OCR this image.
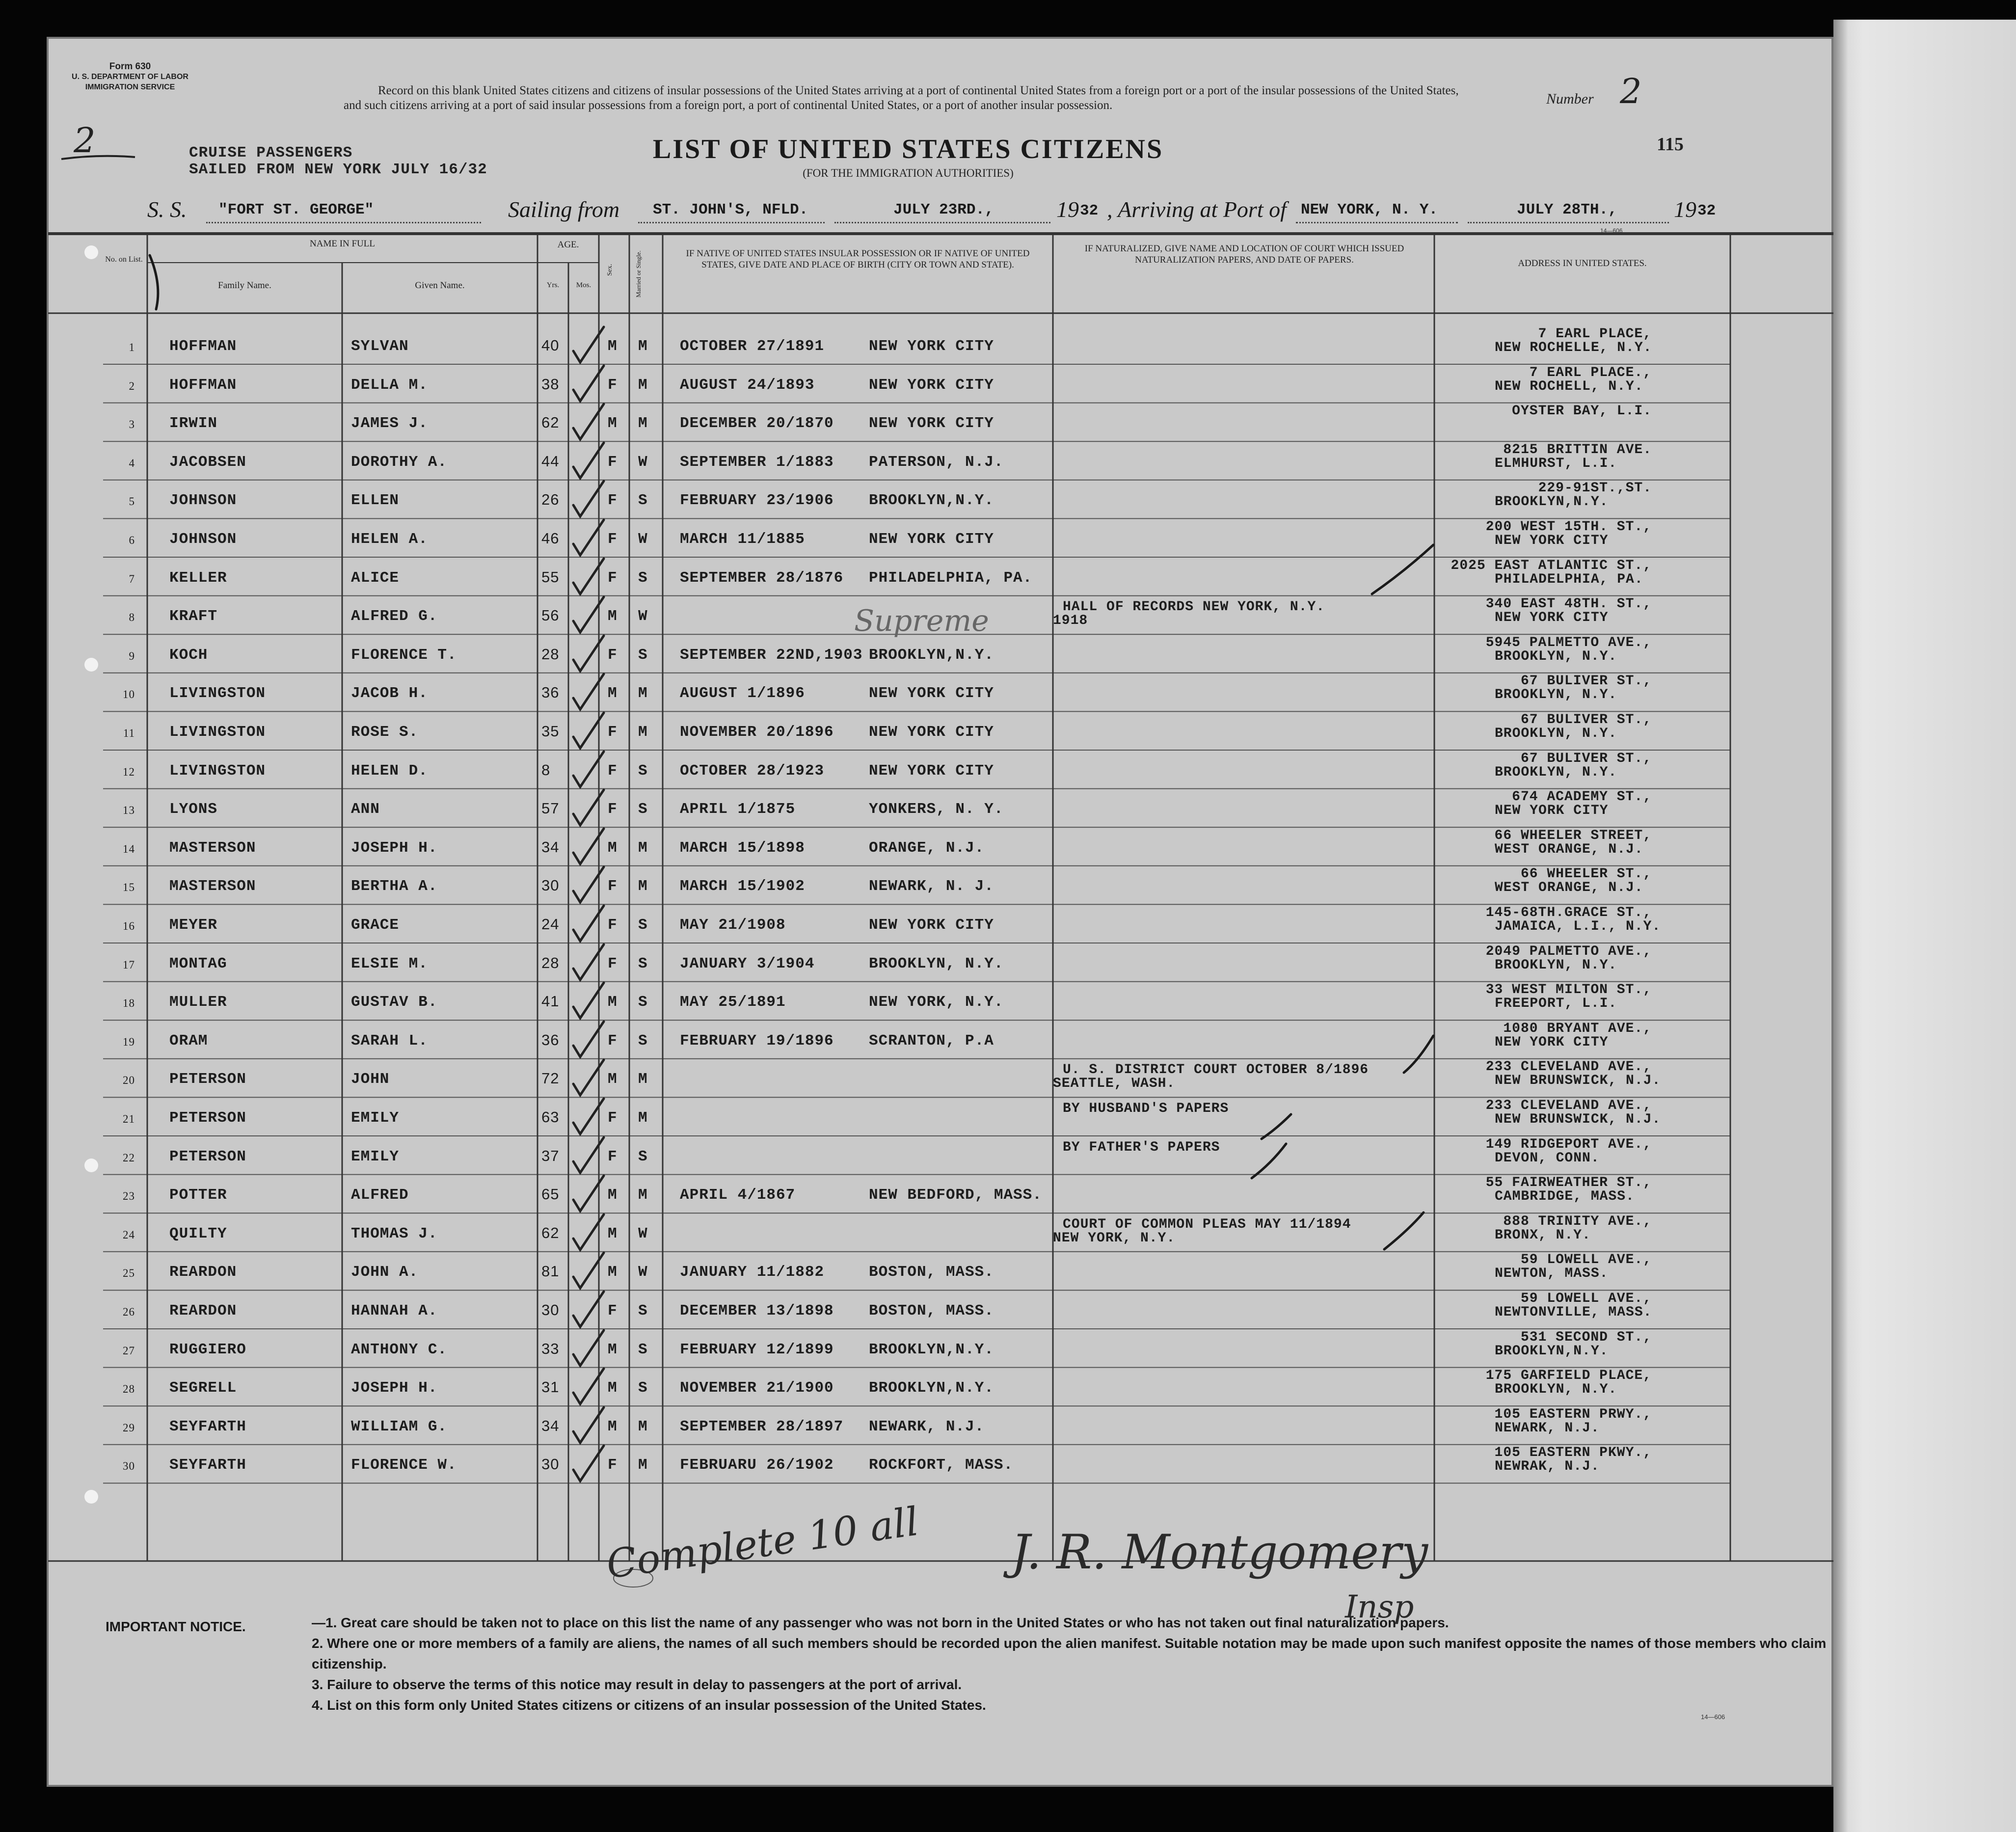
Form 630
U. S. DEPARTMENT OF LABOR
IMMIGRATION SERVICE	Record on this blank United States citizens and citizens of insular possessions of the United States arriving at a port of continental United States from a foreign port or a port of the insular possessions of the United States, and such citizens arriving at a port of said insular possessions from a foreign port, a port of continental United States, or a port of another insular possession.	Number 2
115
2	CRUISE PASSENGERS
SAILED FROM NEW YORK JULY 16/32
LIST OF UNITED STATES CITIZENS
(FOR THE IMMIGRATION AUTHORITIES)
S. S. "FORT ST. GEORGE"	Sailing from ST. JOHN'S, NFLD.	JULY 23RD.,	19 32 , Arriving at Port of NEW YORK, N. Y.	JULY 28TH.,	19 32
14—606
Supreme
Complete 10 all J. R. Montgomery
Insp
No. on List.
NAME IN FULL
Family Name.	Given Name.
AGE.
Yrs.	Mos.
Sex.	Married or Single.	IF NATIVE OF UNITED STATES INSULAR POSSESSION OR IF NATIVE OF UNITED STATES, GIVE DATE AND PLACE OF BIRTH (CITY OR TOWN AND STATE).
IF NATURALIZED, GIVE NAME AND LOCATION OF COURT WHICH ISSUED NATURALIZATION PAPERS, AND DATE OF PAPERS.	ADDRESS IN UNITED STATES.
1 HOFFMAN	SYLVAN	40	M M OCTOBER 27/1891	NEW YORK CITY
7 EARL PLACE,
NEW ROCHELLE, N.Y.
2 HOFFMAN	DELLA M.	38	F M AUGUST 24/1893	NEW YORK CITY
7 EARL PLACE.,
NEW ROCHELL, N.Y.
3 IRWIN	JAMES J.	62	M M DECEMBER 20/1870 NEW YORK CITY
OYSTER BAY, L.I.
4 JACOBSEN	DOROTHY A.	44	F W SEPTEMBER 1/1883 PATERSON, N.J.
8215 BRITTIN AVE.
ELMHURST, L.I.
5 JOHNSON	ELLEN	26	F S FEBRUARY 23/1906 BROOKLYN,N.Y.
229-91ST.,ST.
BROOKLYN,N.Y.
6 JOHNSON	HELEN A.	46	F W MARCH 11/1885	NEW YORK CITY
200 WEST 15TH. ST.,
NEW YORK CITY
7 KELLER	ALICE	55	F S SEPTEMBER 28/1876 PHILADELPHIA, PA.
2025 EAST ATLANTIC ST.,
PHILADELPHIA, PA.
8 KRAFT	ALFRED G.	56	M W
HALL OF RECORDS NEW YORK, N.Y.
1918
340 EAST 48TH. ST.,
NEW YORK CITY
9 KOCH	FLORENCE T.	28	F S SEPTEMBER 22ND,1903 BROOKLYN,N.Y.
5945 PALMETTO AVE.,
BROOKLYN, N.Y.
10 LIVINGSTON	JACOB H.	36	M M AUGUST 1/1896	NEW YORK CITY
67 BULIVER ST.,
BROOKLYN, N.Y.
11 LIVINGSTON	ROSE S.	35	F M NOVEMBER 20/1896 NEW YORK CITY
67 BULIVER ST.,
BROOKLYN, N.Y.
12 LIVINGSTON	HELEN D.	8	F S OCTOBER 28/1923	NEW YORK CITY
67 BULIVER ST.,
BROOKLYN, N.Y.
13 LYONS	ANN	57	F S APRIL 1/1875	YONKERS, N. Y.
674 ACADEMY ST.,
NEW YORK CITY
14 MASTERSON	JOSEPH H.	34	M M MARCH 15/1898	ORANGE, N.J.
66 WHEELER STREET,
WEST ORANGE, N.J.
15 MASTERSON	BERTHA A.	30	F M MARCH 15/1902	NEWARK, N. J.
66 WHEELER ST.,
WEST ORANGE, N.J.
16 MEYER	GRACE	24	F S MAY 21/1908	NEW YORK CITY
145-68TH.GRACE ST.,
JAMAICA, L.I., N.Y.
17 MONTAG	ELSIE M.	28	F S JANUARY 3/1904	BROOKLYN, N.Y.
2049 PALMETTO AVE.,
BROOKLYN, N.Y.
18 MULLER	GUSTAV B.	41	M S MAY 25/1891	NEW YORK, N.Y.
33 WEST MILTON ST.,
FREEPORT, L.I.
19 ORAM	SARAH L.	36	F S FEBRUARY 19/1896 SCRANTON, P.A
1080 BRYANT AVE.,
NEW YORK CITY
20 PETERSON	JOHN	72	M M
U. S. DISTRICT COURT OCTOBER 8/1896
SEATTLE, WASH.
233 CLEVELAND AVE.,
NEW BRUNSWICK, N.J.
21 PETERSON	EMILY	63	F M
BY HUSBAND'S PAPERS	233 CLEVELAND AVE.,
NEW BRUNSWICK, N.J.
22 PETERSON	EMILY	37	F S
BY FATHER'S PAPERS	149 RIDGEPORT AVE.,
DEVON, CONN.
23 POTTER	ALFRED	65	M M APRIL 4/1867	NEW BEDFORD, MASS.
55 FAIRWEATHER ST.,
CAMBRIDGE, MASS.
24 QUILTY	THOMAS J.	62	M W
COURT OF COMMON PLEAS MAY 11/1894
NEW YORK, N.Y.
888 TRINITY AVE.,
BRONX, N.Y.
25 REARDON	JOHN A.	81	M W JANUARY 11/1882	BOSTON, MASS.
59 LOWELL AVE.,
NEWTON, MASS.
26 REARDON	HANNAH A.	30	F S DECEMBER 13/1898 BOSTON, MASS.
59 LOWELL AVE.,
NEWTONVILLE, MASS.
27 RUGGIERO	ANTHONY C.	33	M S FEBRUARY 12/1899 BROOKLYN,N.Y.
531 SECOND ST.,
BROOKLYN,N.Y.
28 SEGRELL	JOSEPH H.	31	M S NOVEMBER 21/1900 BROOKLYN,N.Y.
175 GARFIELD PLACE,
BROOKLYN, N.Y.
29 SEYFARTH	WILLIAM G.	34	M M SEPTEMBER 28/1897 NEWARK, N.J.
105 EASTERN PRWY.,
NEWARK, N.J.
30 SEYFARTH	FLORENCE W.	30	F M FEBRUARU 26/1902 ROCKFORT, MASS.
105 EASTERN PKWY.,
NEWRAK, N.J.
IMPORTANT NOTICE.	—1. Great care should be taken not to place on this list the name of any passenger who was not born in the United States or who has not taken out final naturalization papers.
2. Where one or more members of a family are aliens, the names of all such members should be recorded upon the alien manifest. Suitable notation may be made upon such manifest opposite the names of those members who claim citizenship.
3. Failure to observe the terms of this notice may result in delay to passengers at the port of arrival.
4. List on this form only United States citizens or citizens of an insular possession of the United States.
14—606
